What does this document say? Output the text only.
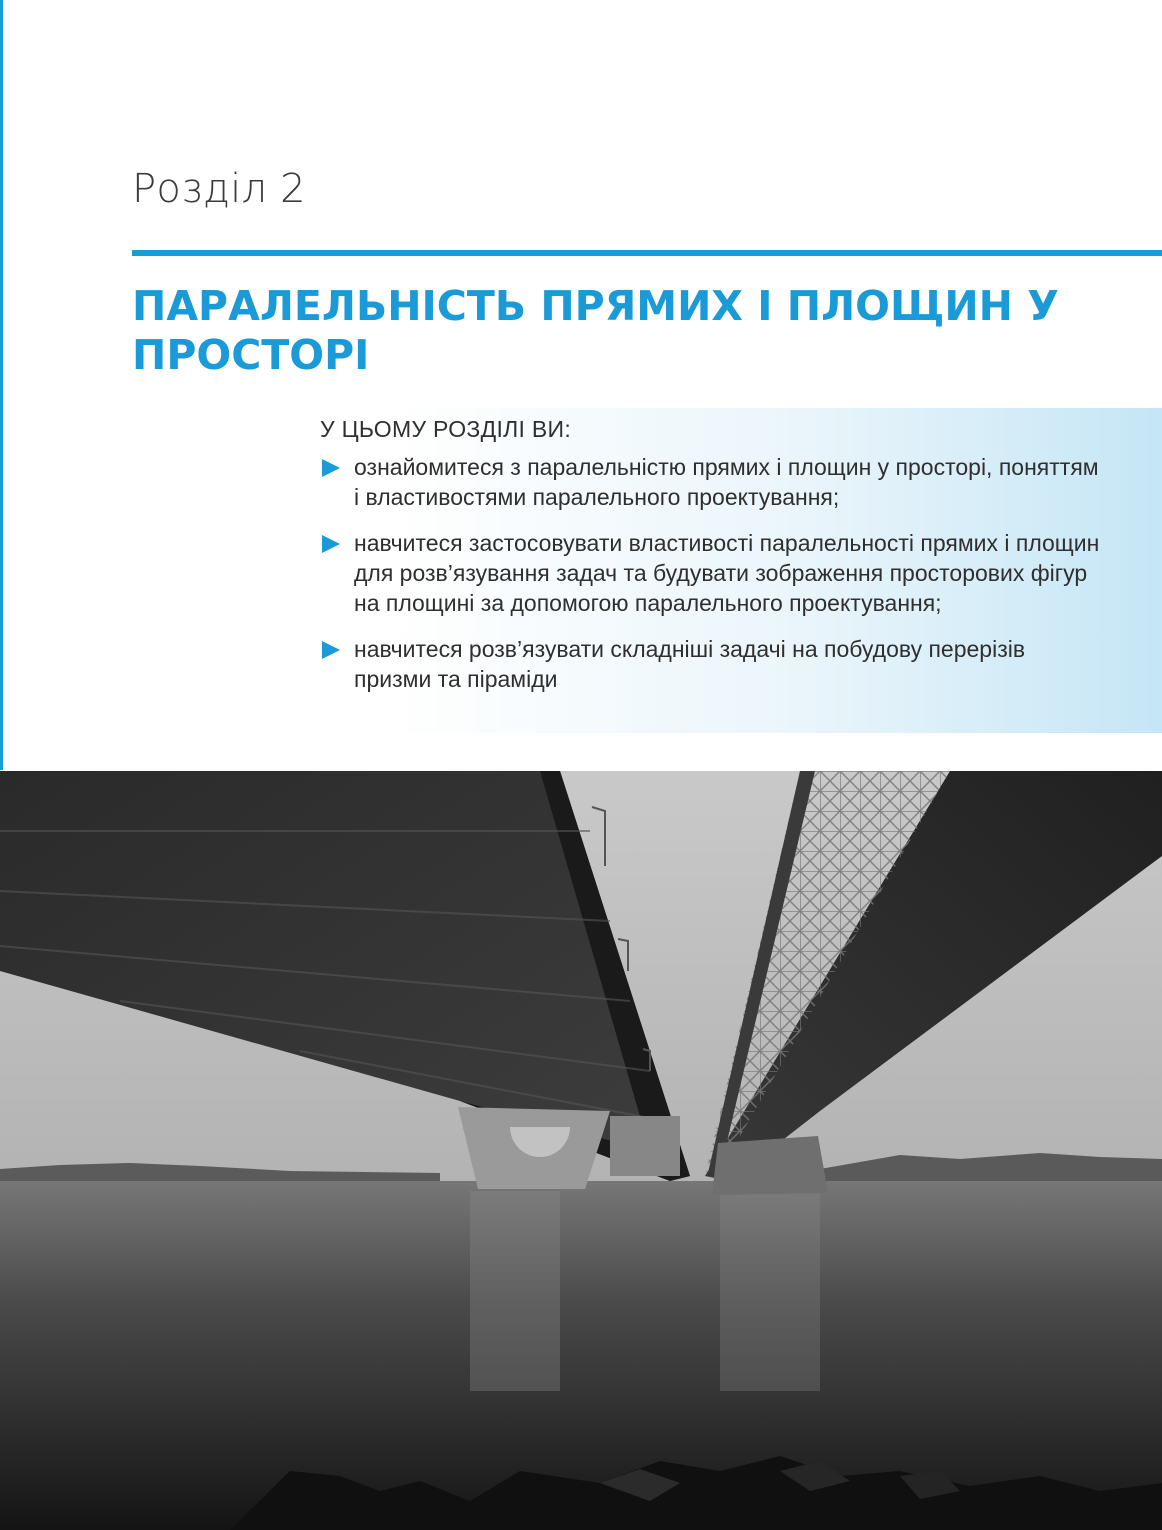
Розділ 2
ПАРАЛЕЛЬНІСТЬ ПРЯМИХ І ПЛОЩИН У ПРОСТОРІ
У ЦЬОМУ РОЗДІЛІ ВИ:
ознайомитеся з паралельністю прямих і площин у просторі, поняттям і властивостями паралельного проектування;
навчитеся застосовувати властивості паралельності прямих і площин для розв’язування задач та будувати зображення просторових фігур на площині за допомогою паралельного проектування;
навчитеся розв’язувати складніші задачі на побудову перерізів призми та піраміди
